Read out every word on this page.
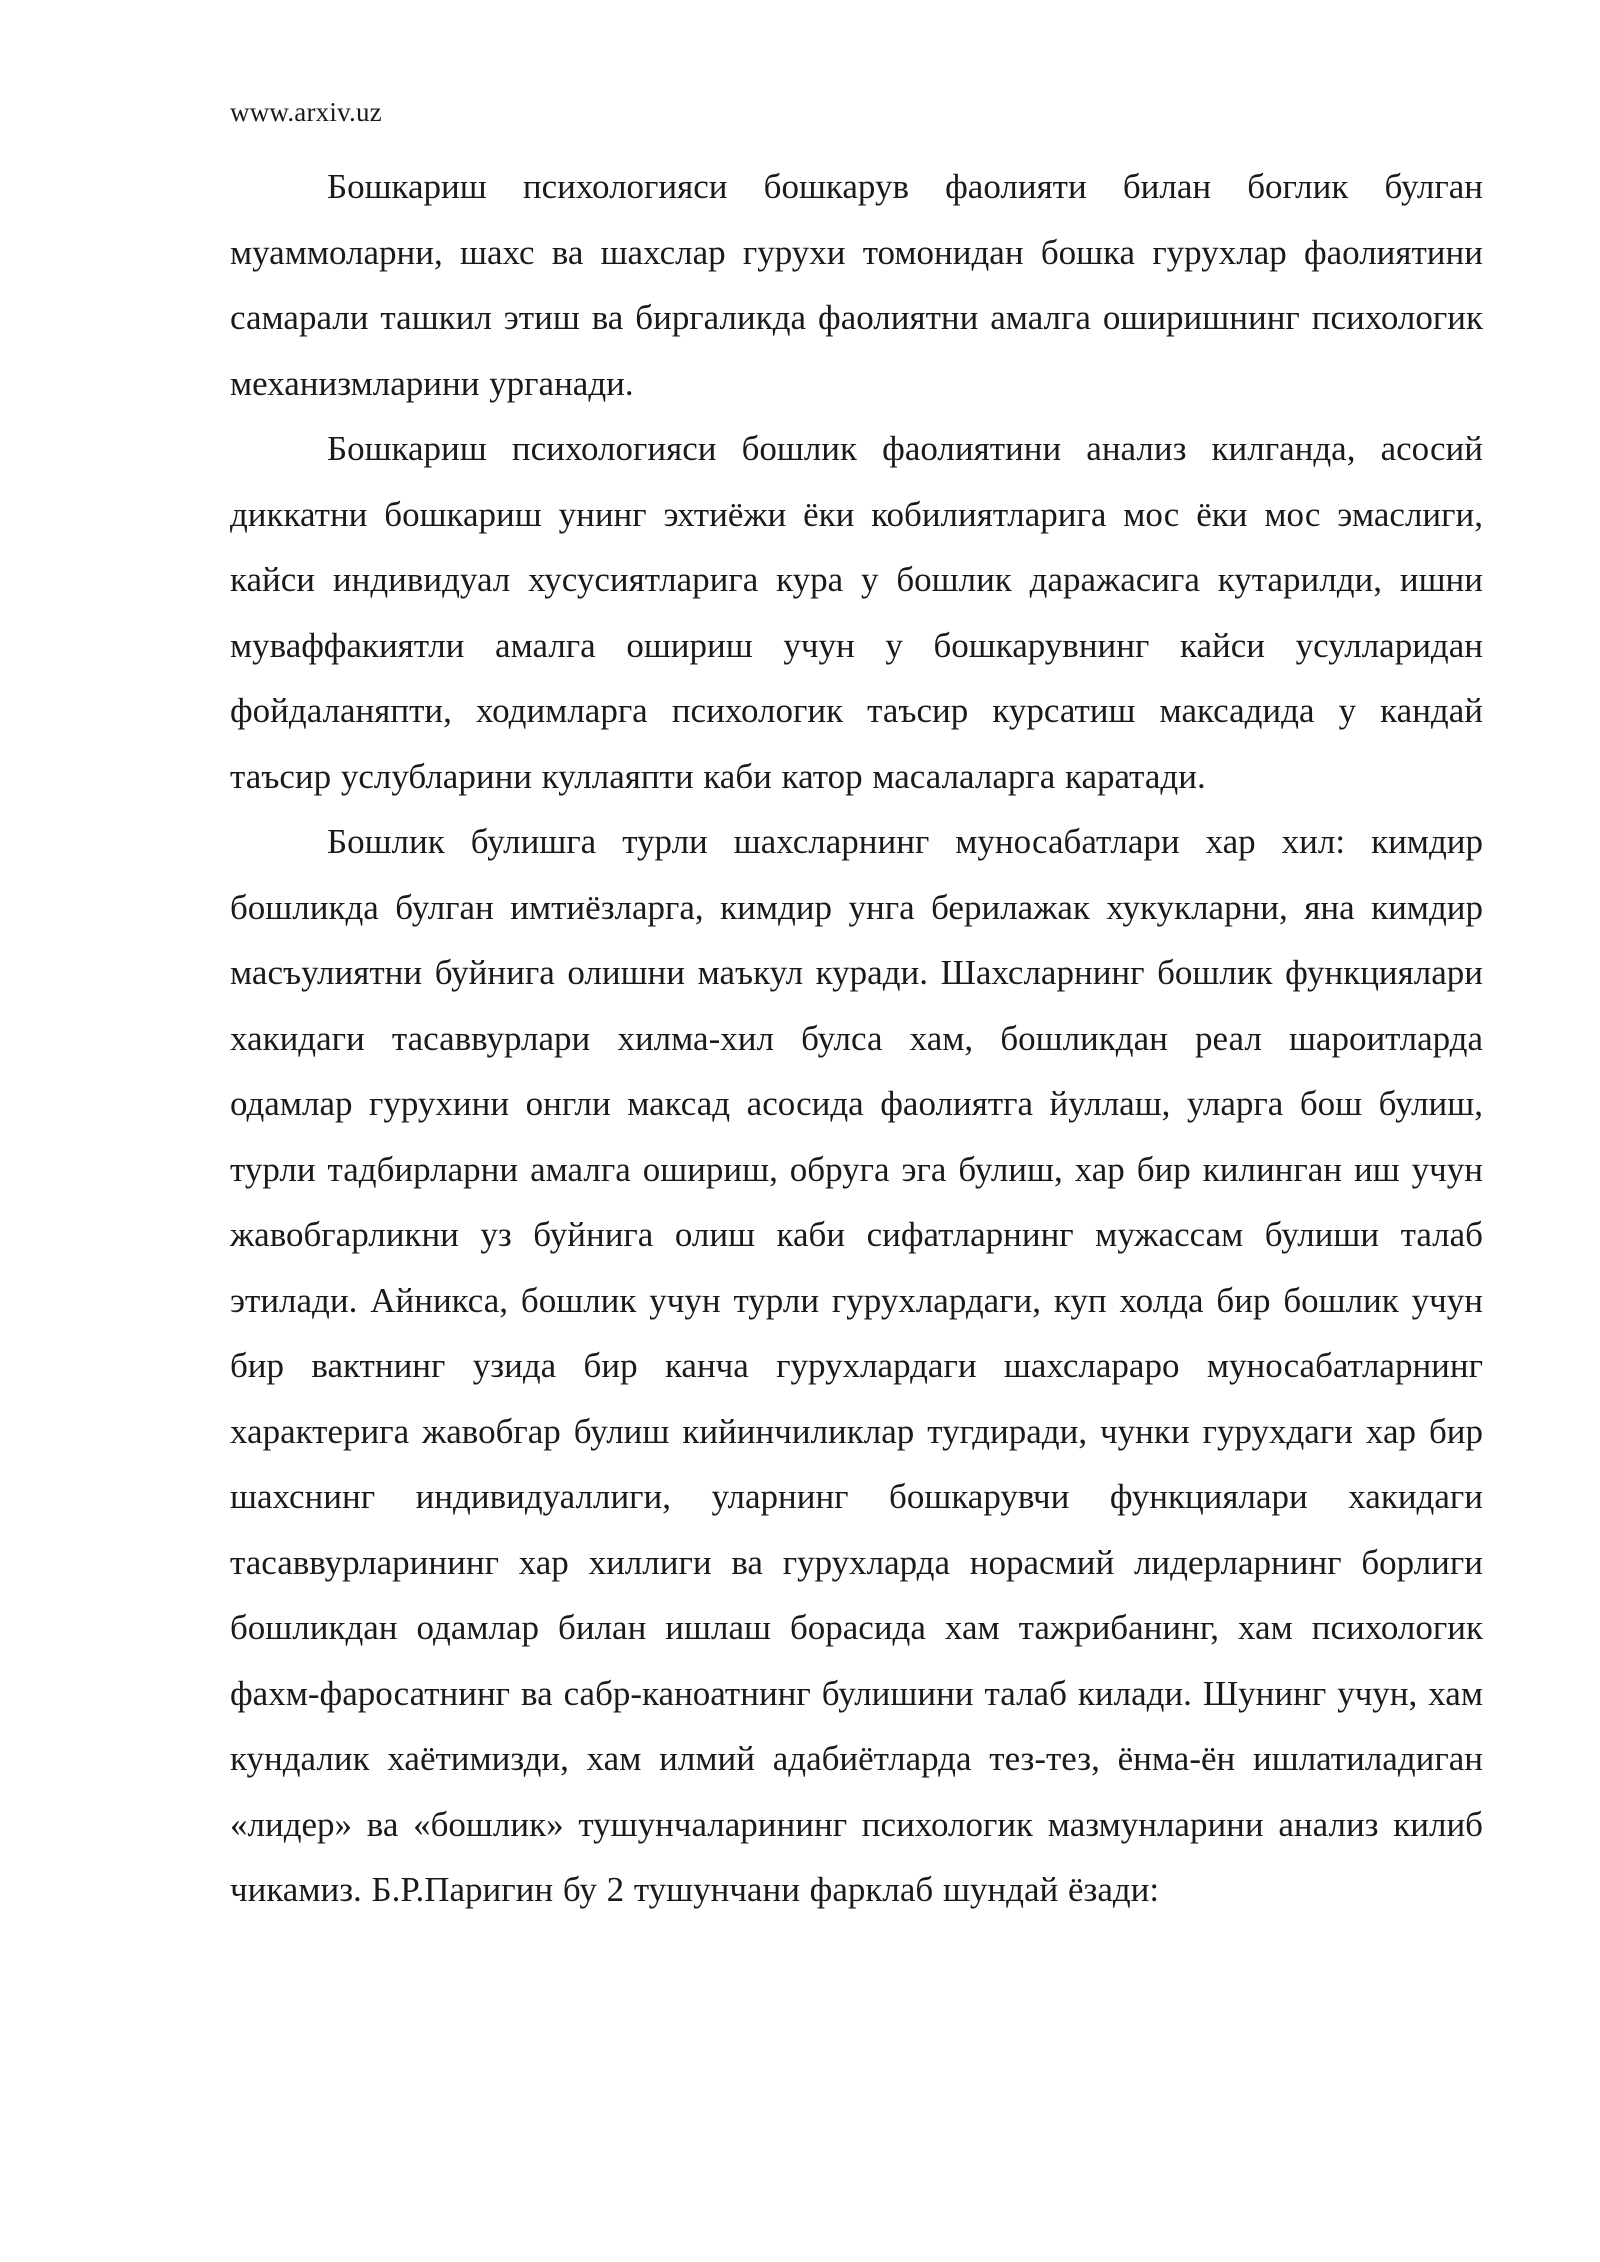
www.arxiv.uz

Бошкариш психологияси бошкарув фаолияти билан боглик булган муаммоларни, шахс ва шахслар гурухи томонидан бошка гурухлар фаолиятини самарали ташкил этиш ва биргаликда фаолиятни амалга оширишнинг психологик механизмларини урганади.

Бошкариш психологияси бошлик фаолиятини анализ килганда, асосий диккатни бошкариш унинг эхтиёжи ёки кобилиятларига мос ёки мос эмаслиги, кайси индивидуал хусусиятларига кура у бошлик даражасига кутарилди, ишни муваффакиятли амалга ошириш учун у бошкарувнинг кайси усулларидан фойдаланяпти, ходимларга психологик таъсир курсатиш максадида у кандай таъсир услубларини куллаяпти каби катор масалаларга каратади.

Бошлик булишга турли шахсларнинг муносабатлари хар хил: кимдир бошликда булган имтиёзларга, кимдир унга берилажак хукукларни, яна кимдир масъулиятни буйнига олишни маъкул куради. Шахсларнинг бошлик функциялари хакидаги тасаввурлари хилма-хил булса хам, бошликдан реал шароитларда одамлар гурухини онгли максад асосида фаолиятга йуллаш, уларга бош булиш, турли тадбирларни амалга ошириш, обруга эга булиш, хар бир килинган иш учун жавобгарликни уз буйнига олиш каби сифатларнинг мужассам булиши талаб этилади. Айникса, бошлик учун турли гурухлардаги, куп холда бир бошлик учун бир вактнинг узида бир канча гурухлардаги шахслараро муносабатларнинг характерига жавобгар булиш кийинчиликлар тугдиради, чунки гурухдаги хар бир шахснинг индивидуаллиги, уларнинг бошкарувчи функциялари хакидаги тасаввурларининг хар хиллиги ва гурухларда норасмий лидерларнинг борлиги бошликдан одамлар билан ишлаш борасида хам тажрибанинг, хам психологик фахм-фаросатнинг ва сабр-каноатнинг булишини талаб килади. Шунинг учун, хам кундалик хаётимизди, хам илмий адабиётларда тез-тез, ёнма-ён ишлатиладиган «лидер» ва «бошлик» тушунчаларининг психологик мазмунларини анализ килиб чикамиз. Б.Р.Паригин бу 2 тушунчани фарклаб шундай ёзади:
